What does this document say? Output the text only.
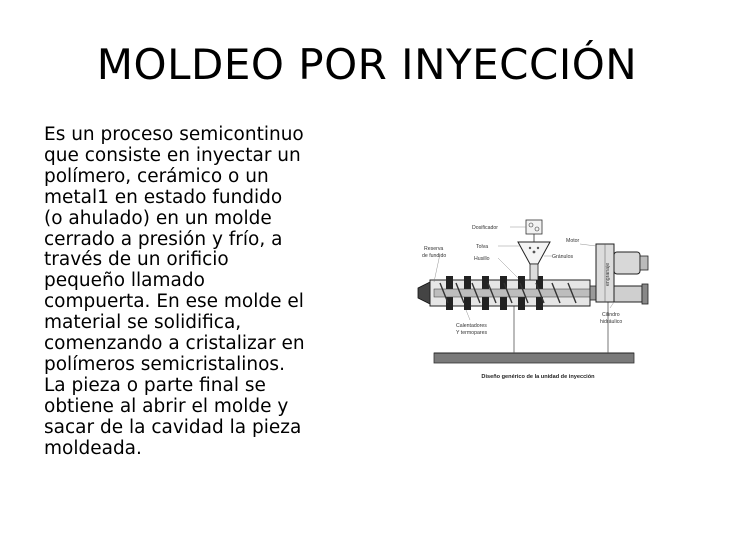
MOLDEO POR INYECCIÓN

Es un proceso semicontinuo
que consiste en inyectar un
polímero, cerámico o un
metal1 en estado fundido
(o ahulado) en un molde
cerrado a presión y frío, a
través de un orificio
pequeño llamado
compuerta. En ese molde el
material se solidifica,
comenzando a cristalizar en
polímeros semicristalinos.
La pieza o parte final se
obtiene al abrir el molde y
sacar de la cavidad la pieza
moldeada.

Dosificador
Tolva
Husillo	Gránulos
Reserva
de fundido
Motor
engranaje
Calentadores
Y termopares
Cilindro
hidráulico
Diseño genérico de la unidad de inyección
